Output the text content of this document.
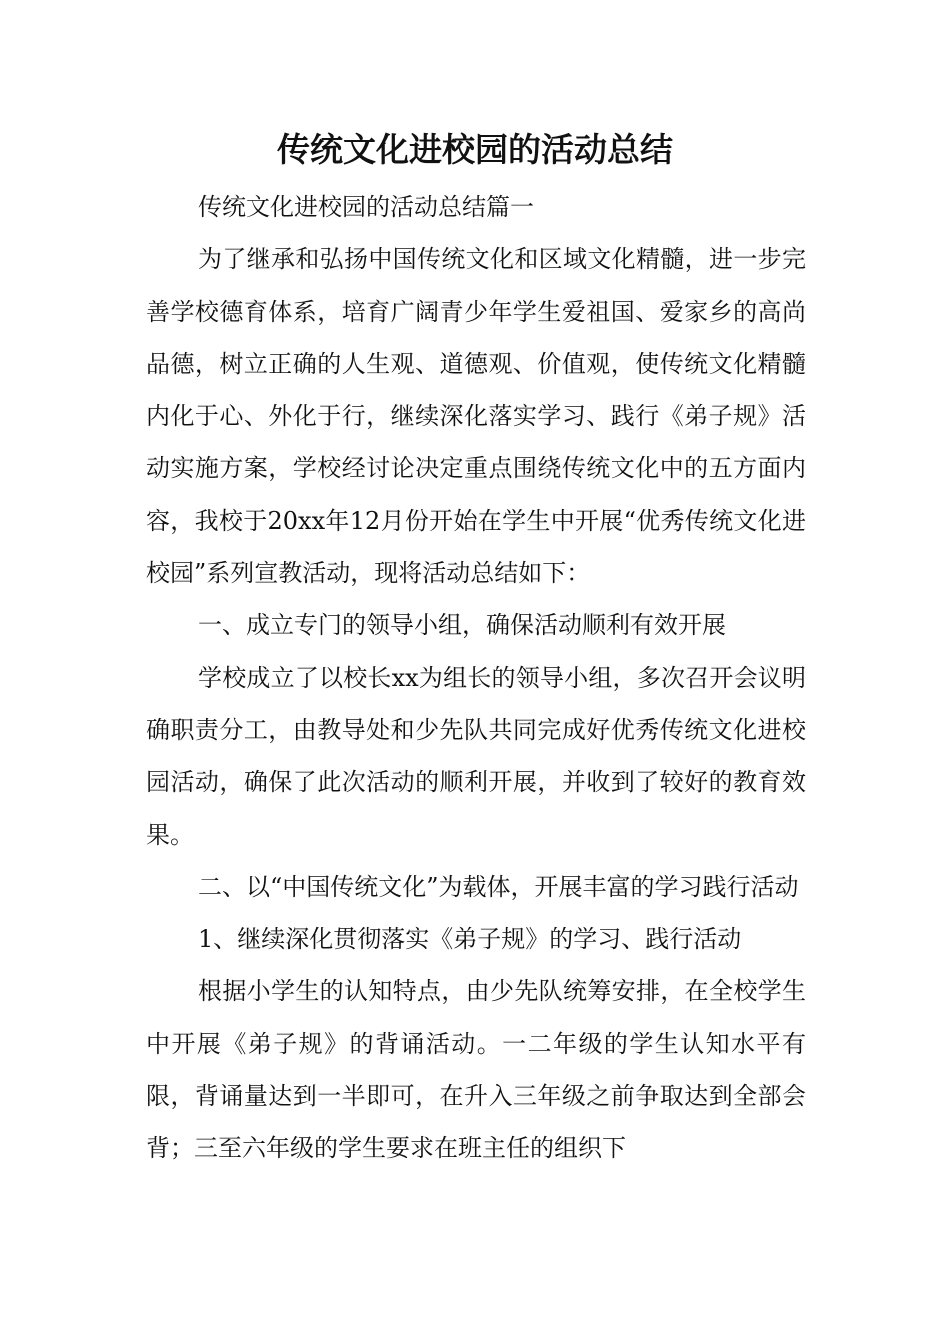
传统文化进校园的活动总结

传统文化进校园的活动总结篇一

为了继承和弘扬中国传统文化和区域文化精髓，进一步完善学校德育体系，培育广阔青少年学生爱祖国、爱家乡的高尚品德，树立正确的人生观、道德观、价值观，使传统文化精髓内化于心、外化于行，继续深化落实学习、践行《弟子规》活动实施方案，学校经讨论决定重点围绕传统文化中的五方面内容，我校于20xx年12月份开始在学生中开展“优秀传统文化进校园”系列宣教活动，现将活动总结如下：

一、成立专门的领导小组，确保活动顺利有效开展

学校成立了以校长xx为组长的领导小组，多次召开会议明确职责分工，由教导处和少先队共同完成好优秀传统文化进校园活动，确保了此次活动的顺利开展，并收到了较好的教育效果。

二、以“中国传统文化”为载体，开展丰富的学习践行活动

1、继续深化贯彻落实《弟子规》的学习、践行活动

根据小学生的认知特点，由少先队统筹安排，在全校学生中开展《弟子规》的背诵活动。一二年级的学生认知水平有限，背诵量达到一半即可，在升入三年级之前争取达到全部会背；三至六年级的学生要求在班主任的组织下
